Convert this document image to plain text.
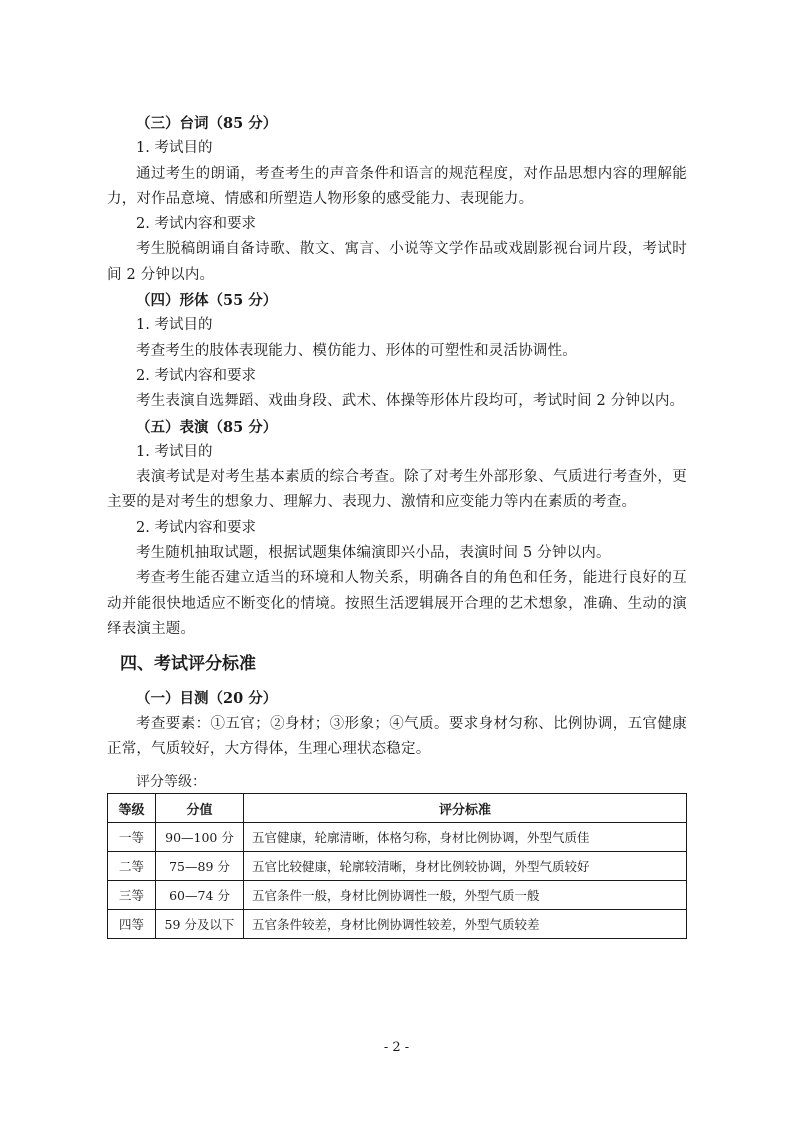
（三）台词（85 分）
1. 考试目的
通过考生的朗诵，考查考生的声音条件和语言的规范程度，对作品思想内容的理解能力，对作品意境、情感和所塑造人物形象的感受能力、表现能力。
2. 考试内容和要求
考生脱稿朗诵自备诗歌、散文、寓言、小说等文学作品或戏剧影视台词片段，考试时间 2 分钟以内。
（四）形体（55 分）
1. 考试目的
考查考生的肢体表现能力、模仿能力、形体的可塑性和灵活协调性。
2. 考试内容和要求
考生表演自选舞蹈、戏曲身段、武术、体操等形体片段均可，考试时间 2 分钟以内。
（五）表演（85 分）
1. 考试目的
表演考试是对考生基本素质的综合考查。除了对考生外部形象、气质进行考查外，更主要的是对考生的想象力、理解力、表现力、激情和应变能力等内在素质的考查。
2. 考试内容和要求
考生随机抽取试题，根据试题集体编演即兴小品，表演时间 5 分钟以内。
考查考生能否建立适当的环境和人物关系，明确各自的角色和任务，能进行良好的互动并能很快地适应不断变化的情境。按照生活逻辑展开合理的艺术想象，准确、生动的演绎表演主题。
四、考试评分标准
（一）目测（20 分）
考查要素：①五官；②身材；③形象；④气质。要求身材匀称、比例协调，五官健康正常，气质较好，大方得体，生理心理状态稳定。
评分等级：
等级	分值	评分标准
一等	90—100 分	五官健康，轮廓清晰，体格匀称，身材比例协调，外型气质佳
二等	75—89 分	五官比较健康，轮廓较清晰，身材比例较协调，外型气质较好
三等	60—74 分	五官条件一般，身材比例协调性一般，外型气质一般
四等	59 分及以下	五官条件较差，身材比例协调性较差，外型气质较差
- 2 -
